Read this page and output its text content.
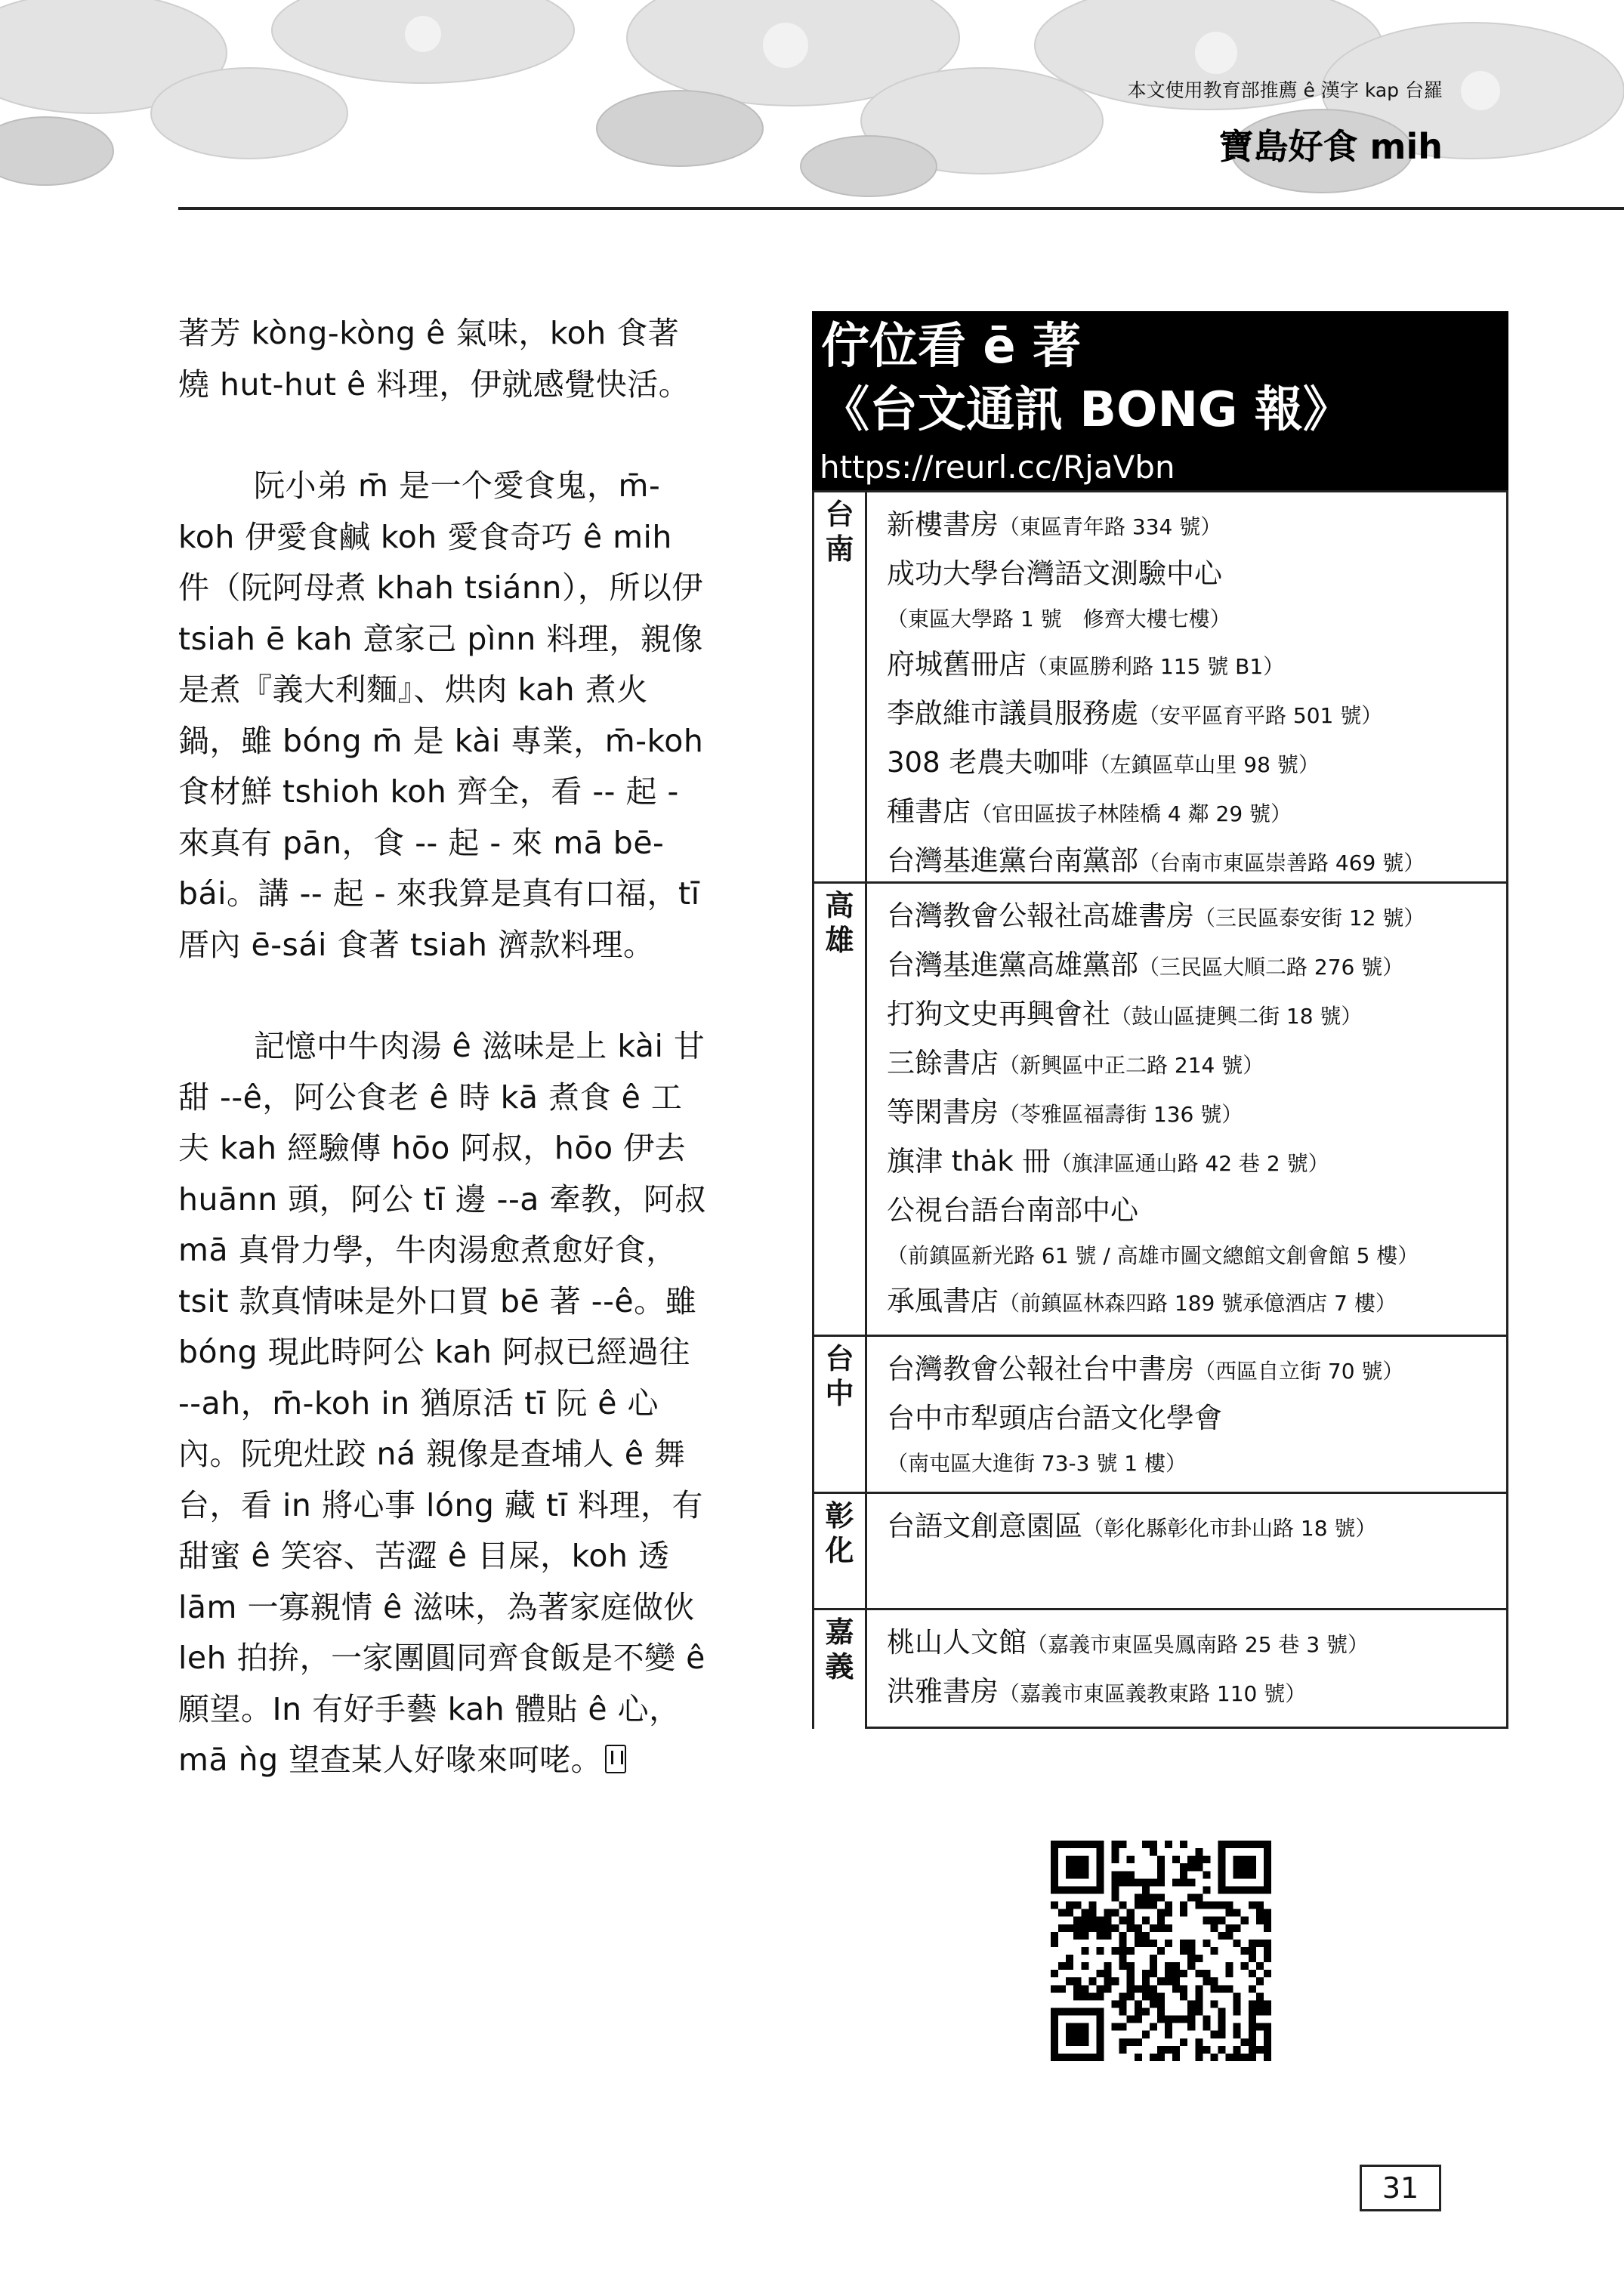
本文使用教育部推薦 ê 漢字 kap 台羅
寶島好食 mih

著芳 kòng-kòng ê 氣味，koh 食著燒 hut-hut ê 料理，伊就感覺快活。

阮小弟 m̄ 是一个愛食鬼，m̄-koh 伊愛食鹹 koh 愛食奇巧 ê mih 件（阮阿母煮 khah tsiánn），所以伊 tsiah ē kah 意家己 pìnn 料理，親像是煮『義大利麵』、烘肉 kah 煮火鍋，雖 bóng m̄ 是 kài 專業，m̄-koh 食材鮮 tshioh koh 齊全，看 -- 起 - 來真有 pān，食 -- 起 - 來 mā bē-bái。講 -- 起 - 來我算是真有口福，tī 厝內 ē-sái 食著 tsiah 濟款料理。

記憶中牛肉湯 ê 滋味是上 kài 甘甜 --ê，阿公食老 ê 時 kā 煮食 ê 工夫 kah 經驗傳 hōo 阿叔，hōo 伊去 huānn 頭，阿公 tī 邊 --a 牽教，阿叔 mā 真骨力學，牛肉湯愈煮愈好食，tsit 款真情味是外口買 bē 著 --ê。雖 bóng 現此時阿公 kah 阿叔已經過往 --ah，m̄-koh in 猶原活 tī 阮 ê 心內。阮兜灶跤 ná 親像是查埔人 ê 舞台，看 in 將心事 lóng 藏 tī 料理，有甜蜜 ê 笑容、苦澀 ê 目屎，koh 透 lām 一寡親情 ê 滋味，為著家庭做伙 leh 拍拚，一家團圓同齊食飯是不變 ê 願望。In 有好手藝 kah 體貼 ê 心，mā ǹg 望查某人好喙來呵咾。

佇位看 ē 著
《台文通訊 BONG 報》
https://reurl.cc/RjaVbn
台南
新樓書房（東區青年路 334 號）
成功大學台灣語文測驗中心
（東區大學路 1 號　修齊大樓七樓）
府城舊冊店（東區勝利路 115 號 B1）
李啟維市議員服務處（安平區育平路 501 號）
308 老農夫咖啡（左鎮區草山里 98 號）
種書店（官田區拔子林陸橋 4 鄰 29 號）
台灣基進黨台南黨部（台南市東區崇善路 469 號）
高雄
台灣教會公報社高雄書房（三民區泰安街 12 號）
台灣基進黨高雄黨部（三民區大順二路 276 號）
打狗文史再興會社（鼓山區捷興二街 18 號）
三餘書店（新興區中正二路 214 號）
等閑書房（苓雅區福壽街 136 號）
旗津 thȧk 冊（旗津區通山路 42 巷 2 號）
公視台語台南部中心
（前鎮區新光路 61 號 / 高雄市圖文總館文創會館 5 樓）
承風書店（前鎮區林森四路 189 號承億酒店 7 樓）
台中
台灣教會公報社台中書房（西區自立街 70 號）
台中市犁頭店台語文化學會
（南屯區大進街 73-3 號 1 樓）
彰化
台語文創意園區（彰化縣彰化市卦山路 18 號）
嘉義
桃山人文館（嘉義市東區吳鳳南路 25 巷 3 號）
洪雅書房（嘉義市東區義教東路 110 號）
31
